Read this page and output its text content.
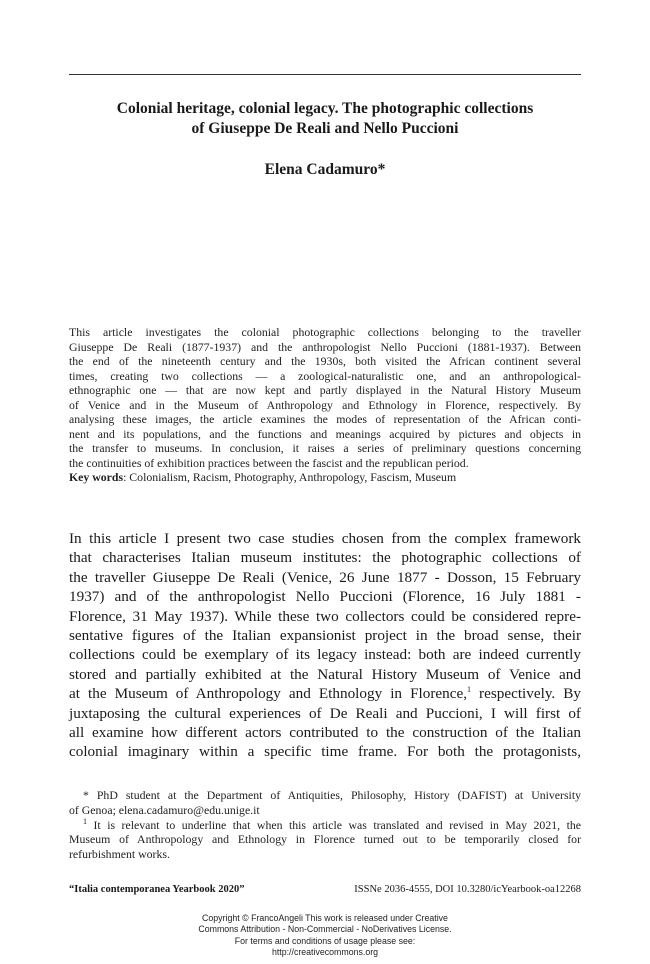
Colonial heritage, colonial legacy. The photographic collections
of Giuseppe De Reali and Nello Puccioni
Elena Cadamuro*
This article investigates the colonial photographic collections belonging to the traveller
Giuseppe De Reali (1877-1937) and the anthropologist Nello Puccioni (1881-1937). Between
the end of the nineteenth century and the 1930s, both visited the African continent several
times, creating two collections — a zoological-naturalistic one, and an anthropological-
ethnographic one — that are now kept and partly displayed in the Natural History Museum
of Venice and in the Museum of Anthropology and Ethnology in Florence, respectively. By
analysing these images, the article examines the modes of representation of the African conti-
nent and its populations, and the functions and meanings acquired by pictures and objects in
the transfer to museums. In conclusion, it raises a series of preliminary questions concerning
the continuities of exhibition practices between the fascist and the republican period.
Key words: Colonialism, Racism, Photography, Anthropology, Fascism, Museum
In this article I present two case studies chosen from the complex framework
that characterises Italian museum institutes: the photographic collections of
the traveller Giuseppe De Reali (Venice, 26 June 1877 - Dosson, 15 February
1937) and of the anthropologist Nello Puccioni (Florence, 16 July 1881 -
Florence, 31 May 1937). While these two collectors could be considered repre-
sentative figures of the Italian expansionist project in the broad sense, their
collections could be exemplary of its legacy instead: both are indeed currently
stored and partially exhibited at the Natural History Museum of Venice and
at the Museum of Anthropology and Ethnology in Florence,$^1$ respectively. By
juxtaposing the cultural experiences of De Reali and Puccioni, I will first of
all examine how different actors contributed to the construction of the Italian
colonial imaginary within a specific time frame. For both the protagonists,
* PhD student at the Department of Antiquities, Philosophy, History (DAFIST) at University
of Genoa; elena.cadamuro@edu.unige.it
$^1$ It is relevant to underline that when this article was translated and revised in May 2021, the
Museum of Anthropology and Ethnology in Florence turned out to be temporarily closed for
refurbishment works.
“Italia contemporanea Yearbook 2020”	ISSNe 2036-4555, DOI 10.3280/icYearbook-oa12268
Copyright © FrancoAngeli This work is released under Creative
Commons Attribution - Non-Commercial - NoDerivatives License.
For terms and conditions of usage please see:
http://creativecommons.org
